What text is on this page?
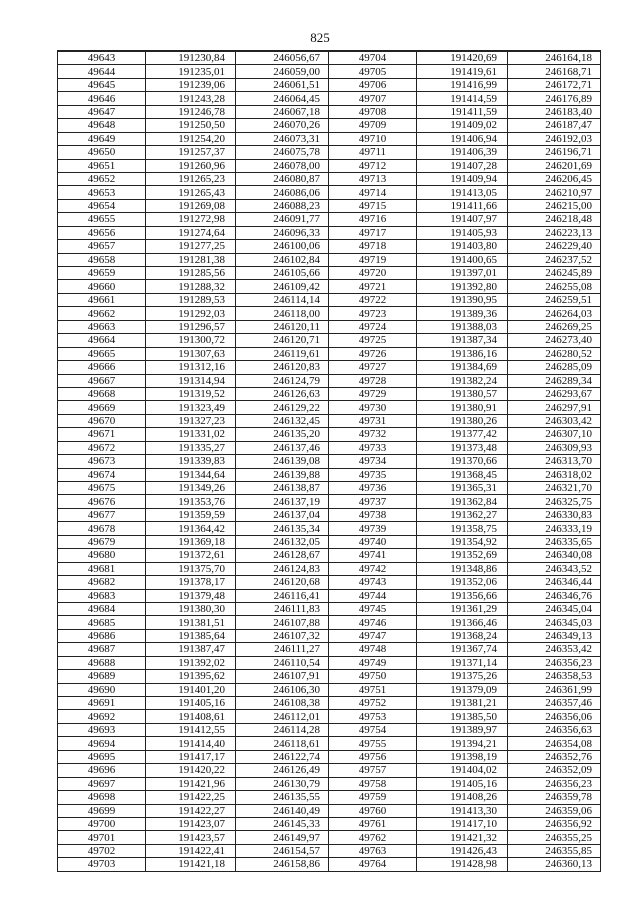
825
49643	191230,84	246056,67	49704	191420,69	246164,18
49644	191235,01	246059,00	49705	191419,61	246168,71
49645	191239,06	246061,51	49706	191416,99	246172,71
49646	191243,28	246064,45	49707	191414,59	246176,89
49647	191246,78	246067,18	49708	191411,59	246183,40
49648	191250,50	246070,26	49709	191409,02	246187,47
49649	191254,20	246073,31	49710	191406,94	246192,03
49650	191257,37	246075,78	49711	191406,39	246196,71
49651	191260,96	246078,00	49712	191407,28	246201,69
49652	191265,23	246080,87	49713	191409,94	246206,45
49653	191265,43	246086,06	49714	191413,05	246210,97
49654	191269,08	246088,23	49715	191411,66	246215,00
49655	191272,98	246091,77	49716	191407,97	246218,48
49656	191274,64	246096,33	49717	191405,93	246223,13
49657	191277,25	246100,06	49718	191403,80	246229,40
49658	191281,38	246102,84	49719	191400,65	246237,52
49659	191285,56	246105,66	49720	191397,01	246245,89
49660	191288,32	246109,42	49721	191392,80	246255,08
49661	191289,53	246114,14	49722	191390,95	246259,51
49662	191292,03	246118,00	49723	191389,36	246264,03
49663	191296,57	246120,11	49724	191388,03	246269,25
49664	191300,72	246120,71	49725	191387,34	246273,40
49665	191307,63	246119,61	49726	191386,16	246280,52
49666	191312,16	246120,83	49727	191384,69	246285,09
49667	191314,94	246124,79	49728	191382,24	246289,34
49668	191319,52	246126,63	49729	191380,57	246293,67
49669	191323,49	246129,22	49730	191380,91	246297,91
49670	191327,23	246132,45	49731	191380,26	246303,42
49671	191331,02	246135,20	49732	191377,42	246307,10
49672	191335,27	246137,46	49733	191373,48	246309,93
49673	191339,83	246139,08	49734	191370,66	246313,70
49674	191344,64	246139,88	49735	191368,45	246318,02
49675	191349,26	246138,87	49736	191365,31	246321,70
49676	191353,76	246137,19	49737	191362,84	246325,75
49677	191359,59	246137,04	49738	191362,27	246330,83
49678	191364,42	246135,34	49739	191358,75	246333,19
49679	191369,18	246132,05	49740	191354,92	246335,65
49680	191372,61	246128,67	49741	191352,69	246340,08
49681	191375,70	246124,83	49742	191348,86	246343,52
49682	191378,17	246120,68	49743	191352,06	246346,44
49683	191379,48	246116,41	49744	191356,66	246346,76
49684	191380,30	246111,83	49745	191361,29	246345,04
49685	191381,51	246107,88	49746	191366,46	246345,03
49686	191385,64	246107,32	49747	191368,24	246349,13
49687	191387,47	246111,27	49748	191367,74	246353,42
49688	191392,02	246110,54	49749	191371,14	246356,23
49689	191395,62	246107,91	49750	191375,26	246358,53
49690	191401,20	246106,30	49751	191379,09	246361,99
49691	191405,16	246108,38	49752	191381,21	246357,46
49692	191408,61	246112,01	49753	191385,50	246356,06
49693	191412,55	246114,28	49754	191389,97	246356,63
49694	191414,40	246118,61	49755	191394,21	246354,08
49695	191417,17	246122,74	49756	191398,19	246352,76
49696	191420,22	246126,49	49757	191404,02	246352,09
49697	191421,96	246130,79	49758	191405,16	246356,23
49698	191422,25	246135,55	49759	191408,26	246359,78
49699	191422,27	246140,49	49760	191413,30	246359,06
49700	191423,07	246145,33	49761	191417,10	246356,92
49701	191423,57	246149,97	49762	191421,32	246355,25
49702	191422,41	246154,57	49763	191426,43	246355,85
49703	191421,18	246158,86	49764	191428,98	246360,13
